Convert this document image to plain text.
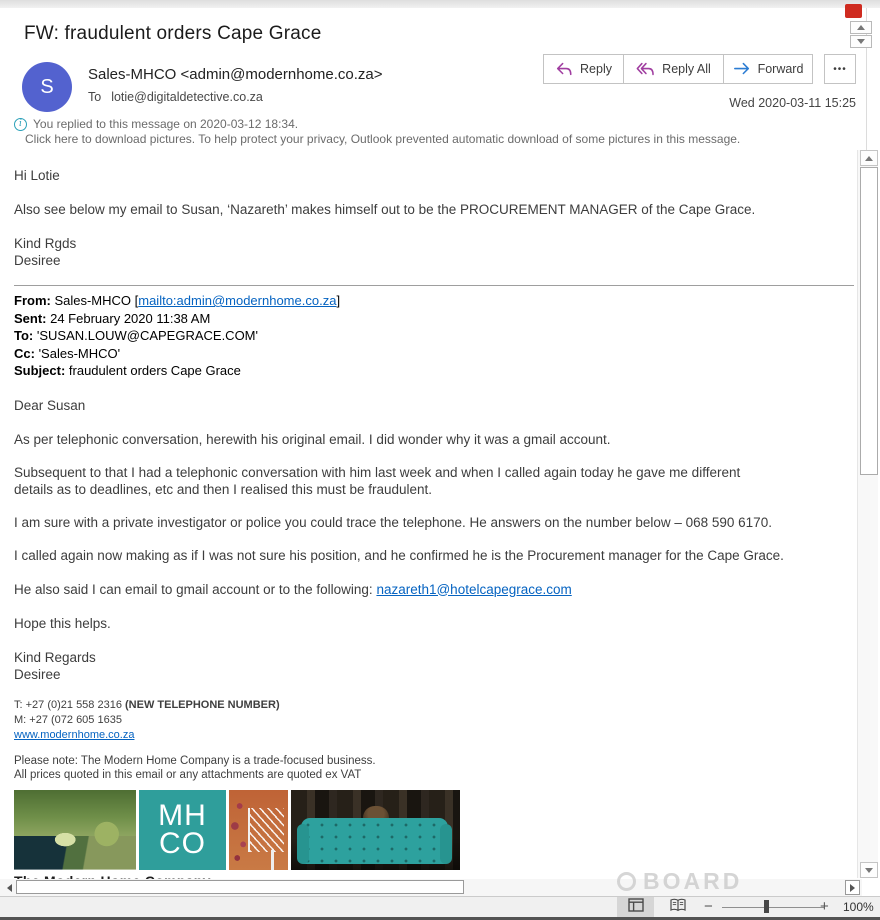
FW: fraudulent orders Cape Grace
S
Sales-MHCO <admin@modernhome.co.za>
To lotie@digitaldetective.co.za
Reply	Reply All	Forward	•••
Wed 2020-03-11 15:25
i You replied to this message on 2020-03-12 18:34.
Click here to download pictures. To help protect your privacy, Outlook prevented automatic download of some pictures in this message.
Hi Lotie
Also see below my email to Susan, ‘Nazareth’ makes himself out to be the PROCUREMENT MANAGER of the Cape Grace.
Kind Rgds
Desiree
From: Sales-MHCO [mailto:admin@modernhome.co.za]
Sent: 24 February 2020 11:38 AM
To: 'SUSAN.LOUW@CAPEGRACE.COM'
Cc: 'Sales-MHCO'
Subject: fraudulent orders Cape Grace
Dear Susan
As per telephonic conversation, herewith his original email. I did wonder why it was a gmail account.
Subsequent to that I had a telephonic conversation with him last week and when I called again today he gave me different
details as to deadlines, etc and then I realised this must be fraudulent.
I am sure with a private investigator or police you could trace the telephone. He answers on the number below – 068 590 6170.
I called again now making as if I was not sure his position, and he confirmed he is the Procurement manager for the Cape Grace.
He also said I can email to gmail account or to the following: nazareth1@hotelcapegrace.com
Hope this helps.
Kind Regards
Desiree
T: +27 (0)21 558 2316 (NEW TELEPHONE NUMBER)
M: +27 (072 605 1635
www.modernhome.co.za
Please note: The Modern Home Company is a trade-focused business.
All prices quoted in this email or any attachments are quoted ex VAT
MH
CO
BOARD
−	+ 100%
